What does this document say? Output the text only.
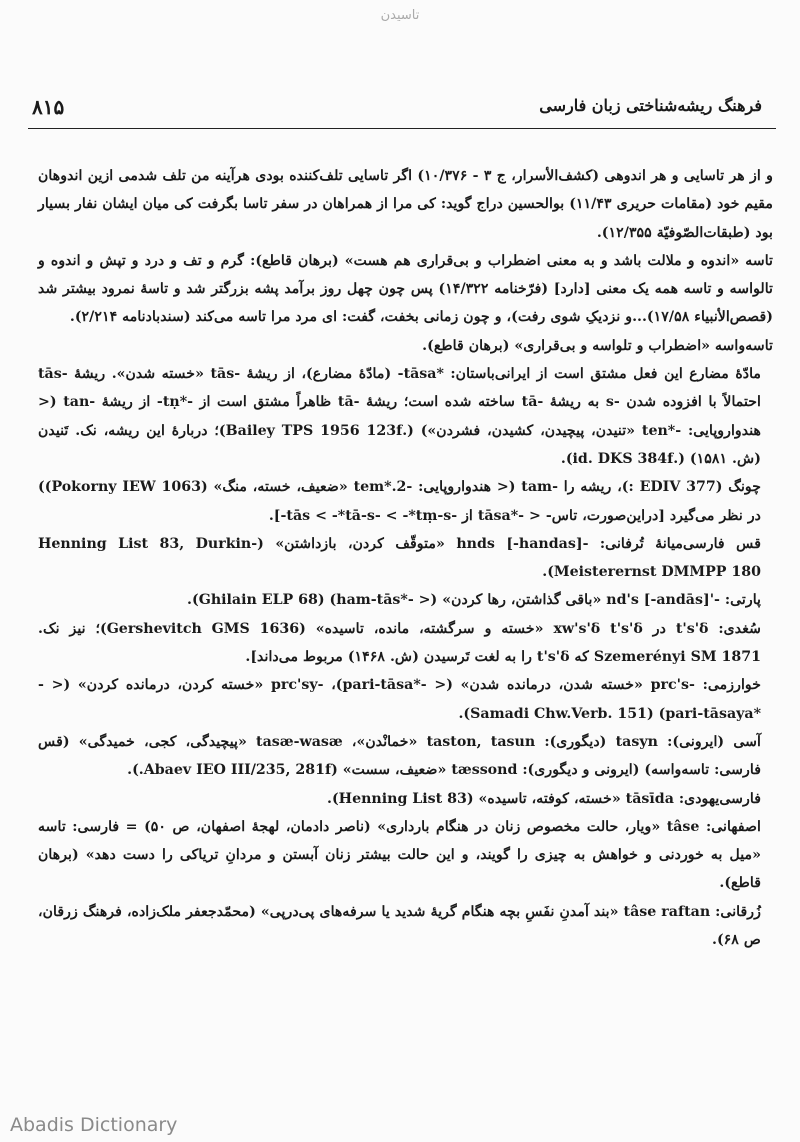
تاسیدن
۸۱۵	فرهنگ ریشه‌شناختی زبان فارسی

و از هر تاسایی و هر اندوهی (کشف‌الأسرار، ج ۳ - ۱۰/۳۷۶) اگر تاسایی تلف‌کننده بودی هرآینه من تلف شدمی ازین اندوهان مقیم خود (مقامات حریری ۱۱/۴۳) بوالحسین دراج گوید: کی مرا از همراهان در سفر تاسا بگرفت کی میان ایشان نفار بسیار بود (طبقات‌الصّوفیّة ۱۲/۳۵۵).

تاسه «اندوه و ملالت باشد و به معنی اضطراب و بی‌قراری هم هست» (برهان قاطع): گرم و تف و درد و تپش و اندوه و تالواسه و تاسه همه یک معنی [دارد] (فرّخنامه ۱۴/۳۲۲) پس چون چهل روز برآمد پشه بزرگتر شد و تاسهٔ نمرود بیشتر شد (قصص‌الأنبیاء ۱۷/۵۸)...و نزدیکِ شوی رفت)، و چون زمانی بخفت، گفت: ای مرد مرا تاسه می‌کند (سندبادنامه ۲/۲۱۴).

تاسه‌واسه «اضطراب و تلواسه و بی‌قراری» (برهان قاطع).

مادّهٔ مضارع این فعل مشتق است از ایرانی‌باستان: *tāsa- (مادّهٔ مضارع)، از ریشهٔ -tās «خسته شدن». ریشهٔ -tās احتمالاً با افزوده شدن -s به ریشهٔ -tā ساخته شده است؛ ریشهٔ -tā ظاهراً مشتق است از -*tṇ- از ریشهٔ -tan (< هندواروپایی: -*ten «تنیدن، پیچیدن، کشیدن، فشردن») (.Bailey TPS 1956 123f)؛ دربارهٔ این ریشه، نک. تَنیدن (ش. ۱۵۸۱) (.id. DKS 384f).

چونگ (EDIV 377 :)، ریشه را -tam (< هندواروپایی: -2.*tem «ضعیف، خسته، منگ» (Pokorny IEW 1063)) در نظر می‌گیرد [دراین‌صورت، تاس- < -*tāsa از -tās < -*tā-s- < -*tṃ-s-].

قس فارسی‌میانهٔ تُرفانی: -hnds [-handas] «متوقّف کردن، بازداشتن» (-Henning List 83, Durkin Meisterernst DMMPP 180).

پارتی: -'nd's [-andās] «باقی گذاشتن، رها کردن» (< -*ham-tās) (Ghilain ELP 68).

سُغدی: t's'δ در xw's'δ t's'δ «خسته و سرگشته، مانده، تاسیده» (Gershevitch GMS 1636)؛ نیز نک. Szemerényi SM 1871 که t's'δ را به لغت تَرسیدن (ش. ۱۴۶۸) مربوط می‌داند].

خوارزمی: -prc's «خسته شدن، درمانده شدن» (< -*pari-tāsa)، -prc'sy «خسته کردن، درمانده کردن» (< -*pari-tāsaya) (Samadi Chw.Verb. 151).

آسی (ایرونی): tasyn (دیگوری): taston, tasun «خمانْدن»، tasæ-wasæ «پیچیدگی، کجی، خمیدگی» (قس فارسی: تاسه‌واسه) (ایرونی و دیگوری): tæssond «ضعیف، سست» (Abaev IEO III/235, 281f.).

فارسی‌یهودی: tāsīda «خسته، کوفته، تاسیده» (Henning List 83).

اصفهانی: tâse «ویار، حالت مخصوص زنان در هنگام بارداری» (ناصر دادمان، لهجهٔ اصفهان، ص ۵۰) = فارسی: تاسه «میل به خوردنی و خواهش به چیزی را گویند، و این حالت بیشتر زنان آبستن و مردانِ تریاکی را دست دهد» (برهان قاطع).

زُرقانی: tâse raftan «بند آمدنِ نفَسِ بچه هنگام گریهٔ شدید یا سرفه‌های پی‌درپی» (محمّدجعفر ملک‌زاده، فرهنگ زرقان، ص ۶۸).

Abadis Dictionary
